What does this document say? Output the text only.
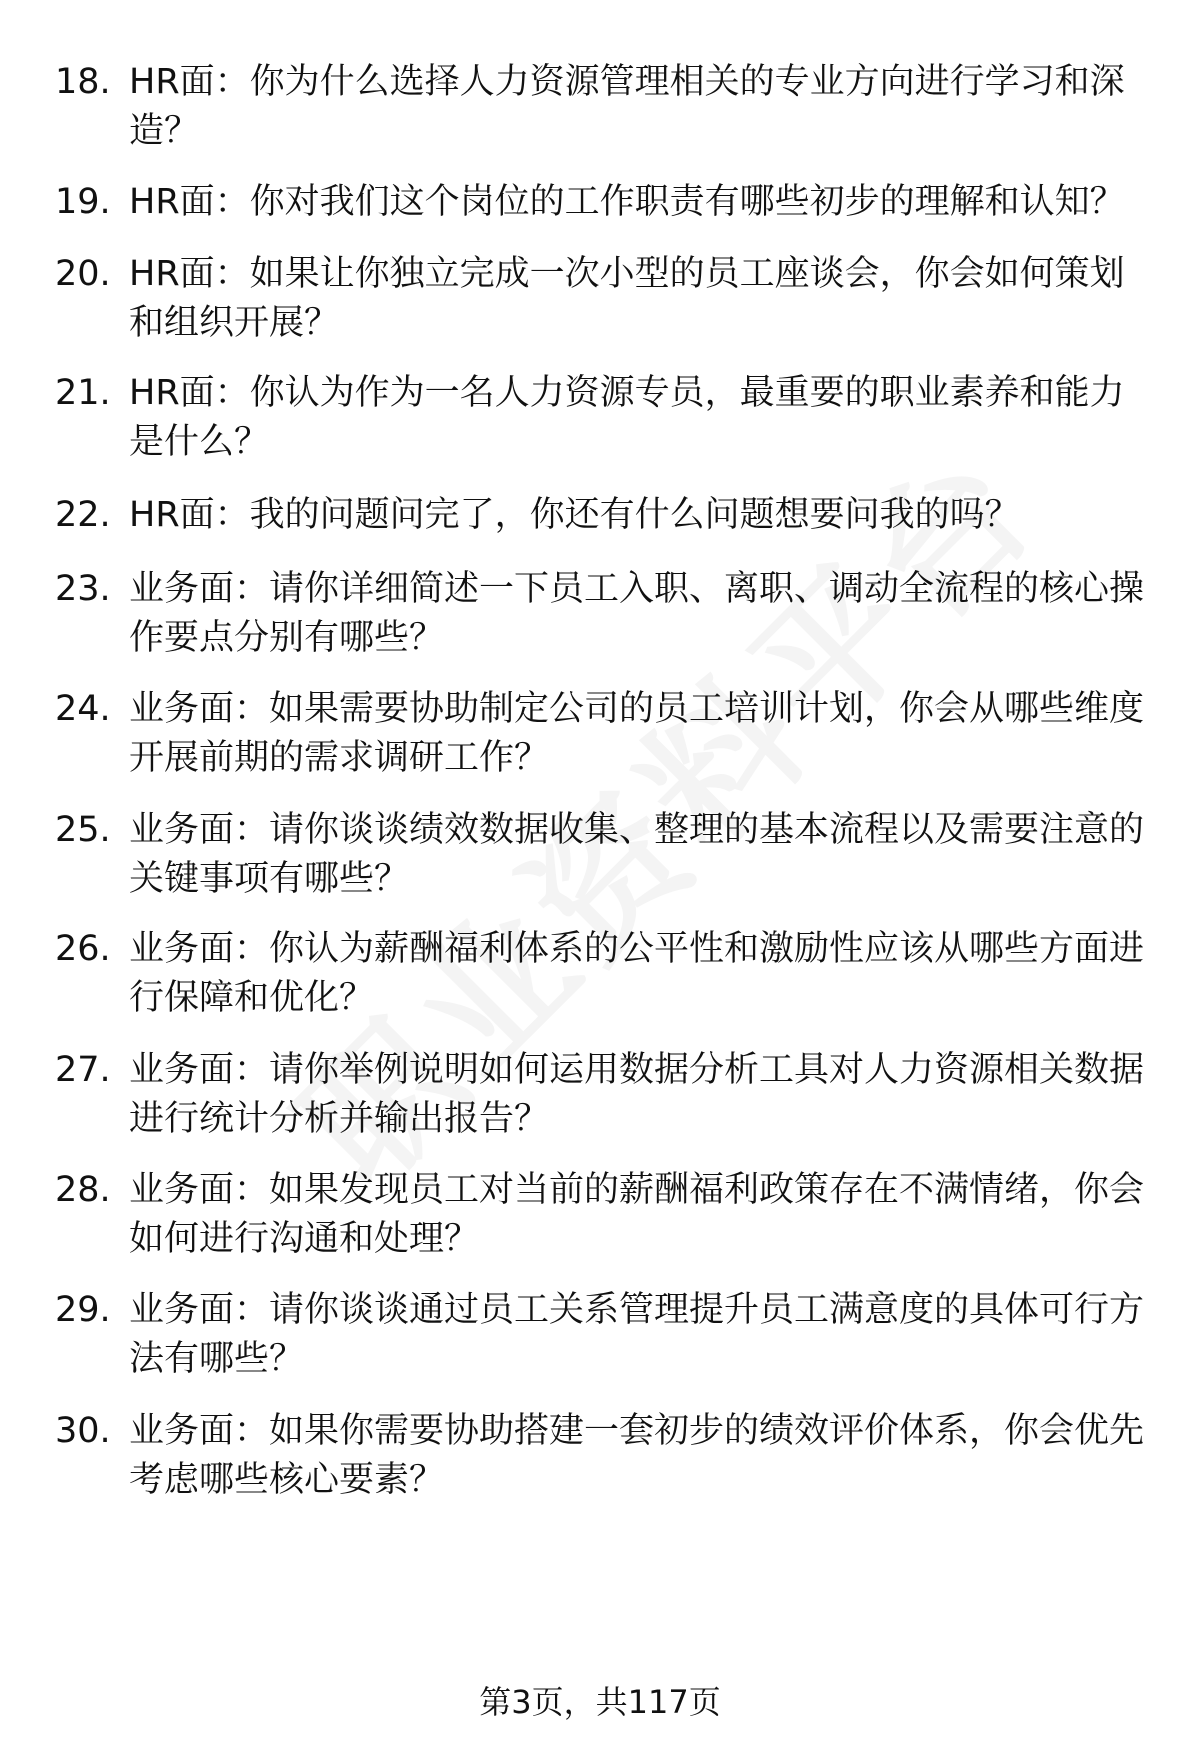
18. HR面：你为什么选择人力资源管理相关的专业方向进行学习和深造？
19. HR面：你对我们这个岗位的工作职责有哪些初步的理解和认知？
20. HR面：如果让你独立完成一次小型的员工座谈会，你会如何策划和组织开展？
21. HR面：你认为作为一名人力资源专员，最重要的职业素养和能力是什么？
22. HR面：我的问题问完了，你还有什么问题想要问我的吗？
23. 业务面：请你详细简述一下员工入职、离职、调动全流程的核心操作要点分别有哪些？
24. 业务面：如果需要协助制定公司的员工培训计划，你会从哪些维度开展前期的需求调研工作？
25. 业务面：请你谈谈绩效数据收集、整理的基本流程以及需要注意的关键事项有哪些？
26. 业务面：你认为薪酬福利体系的公平性和激励性应该从哪些方面进行保障和优化？
27. 业务面：请你举例说明如何运用数据分析工具对人力资源相关数据进行统计分析并输出报告？
28. 业务面：如果发现员工对当前的薪酬福利政策存在不满情绪，你会如何进行沟通和处理？
29. 业务面：请你谈谈通过员工关系管理提升员工满意度的具体可行方法有哪些？
30. 业务面：如果你需要协助搭建一套初步的绩效评价体系，你会优先考虑哪些核心要素？
第3页，共117页
